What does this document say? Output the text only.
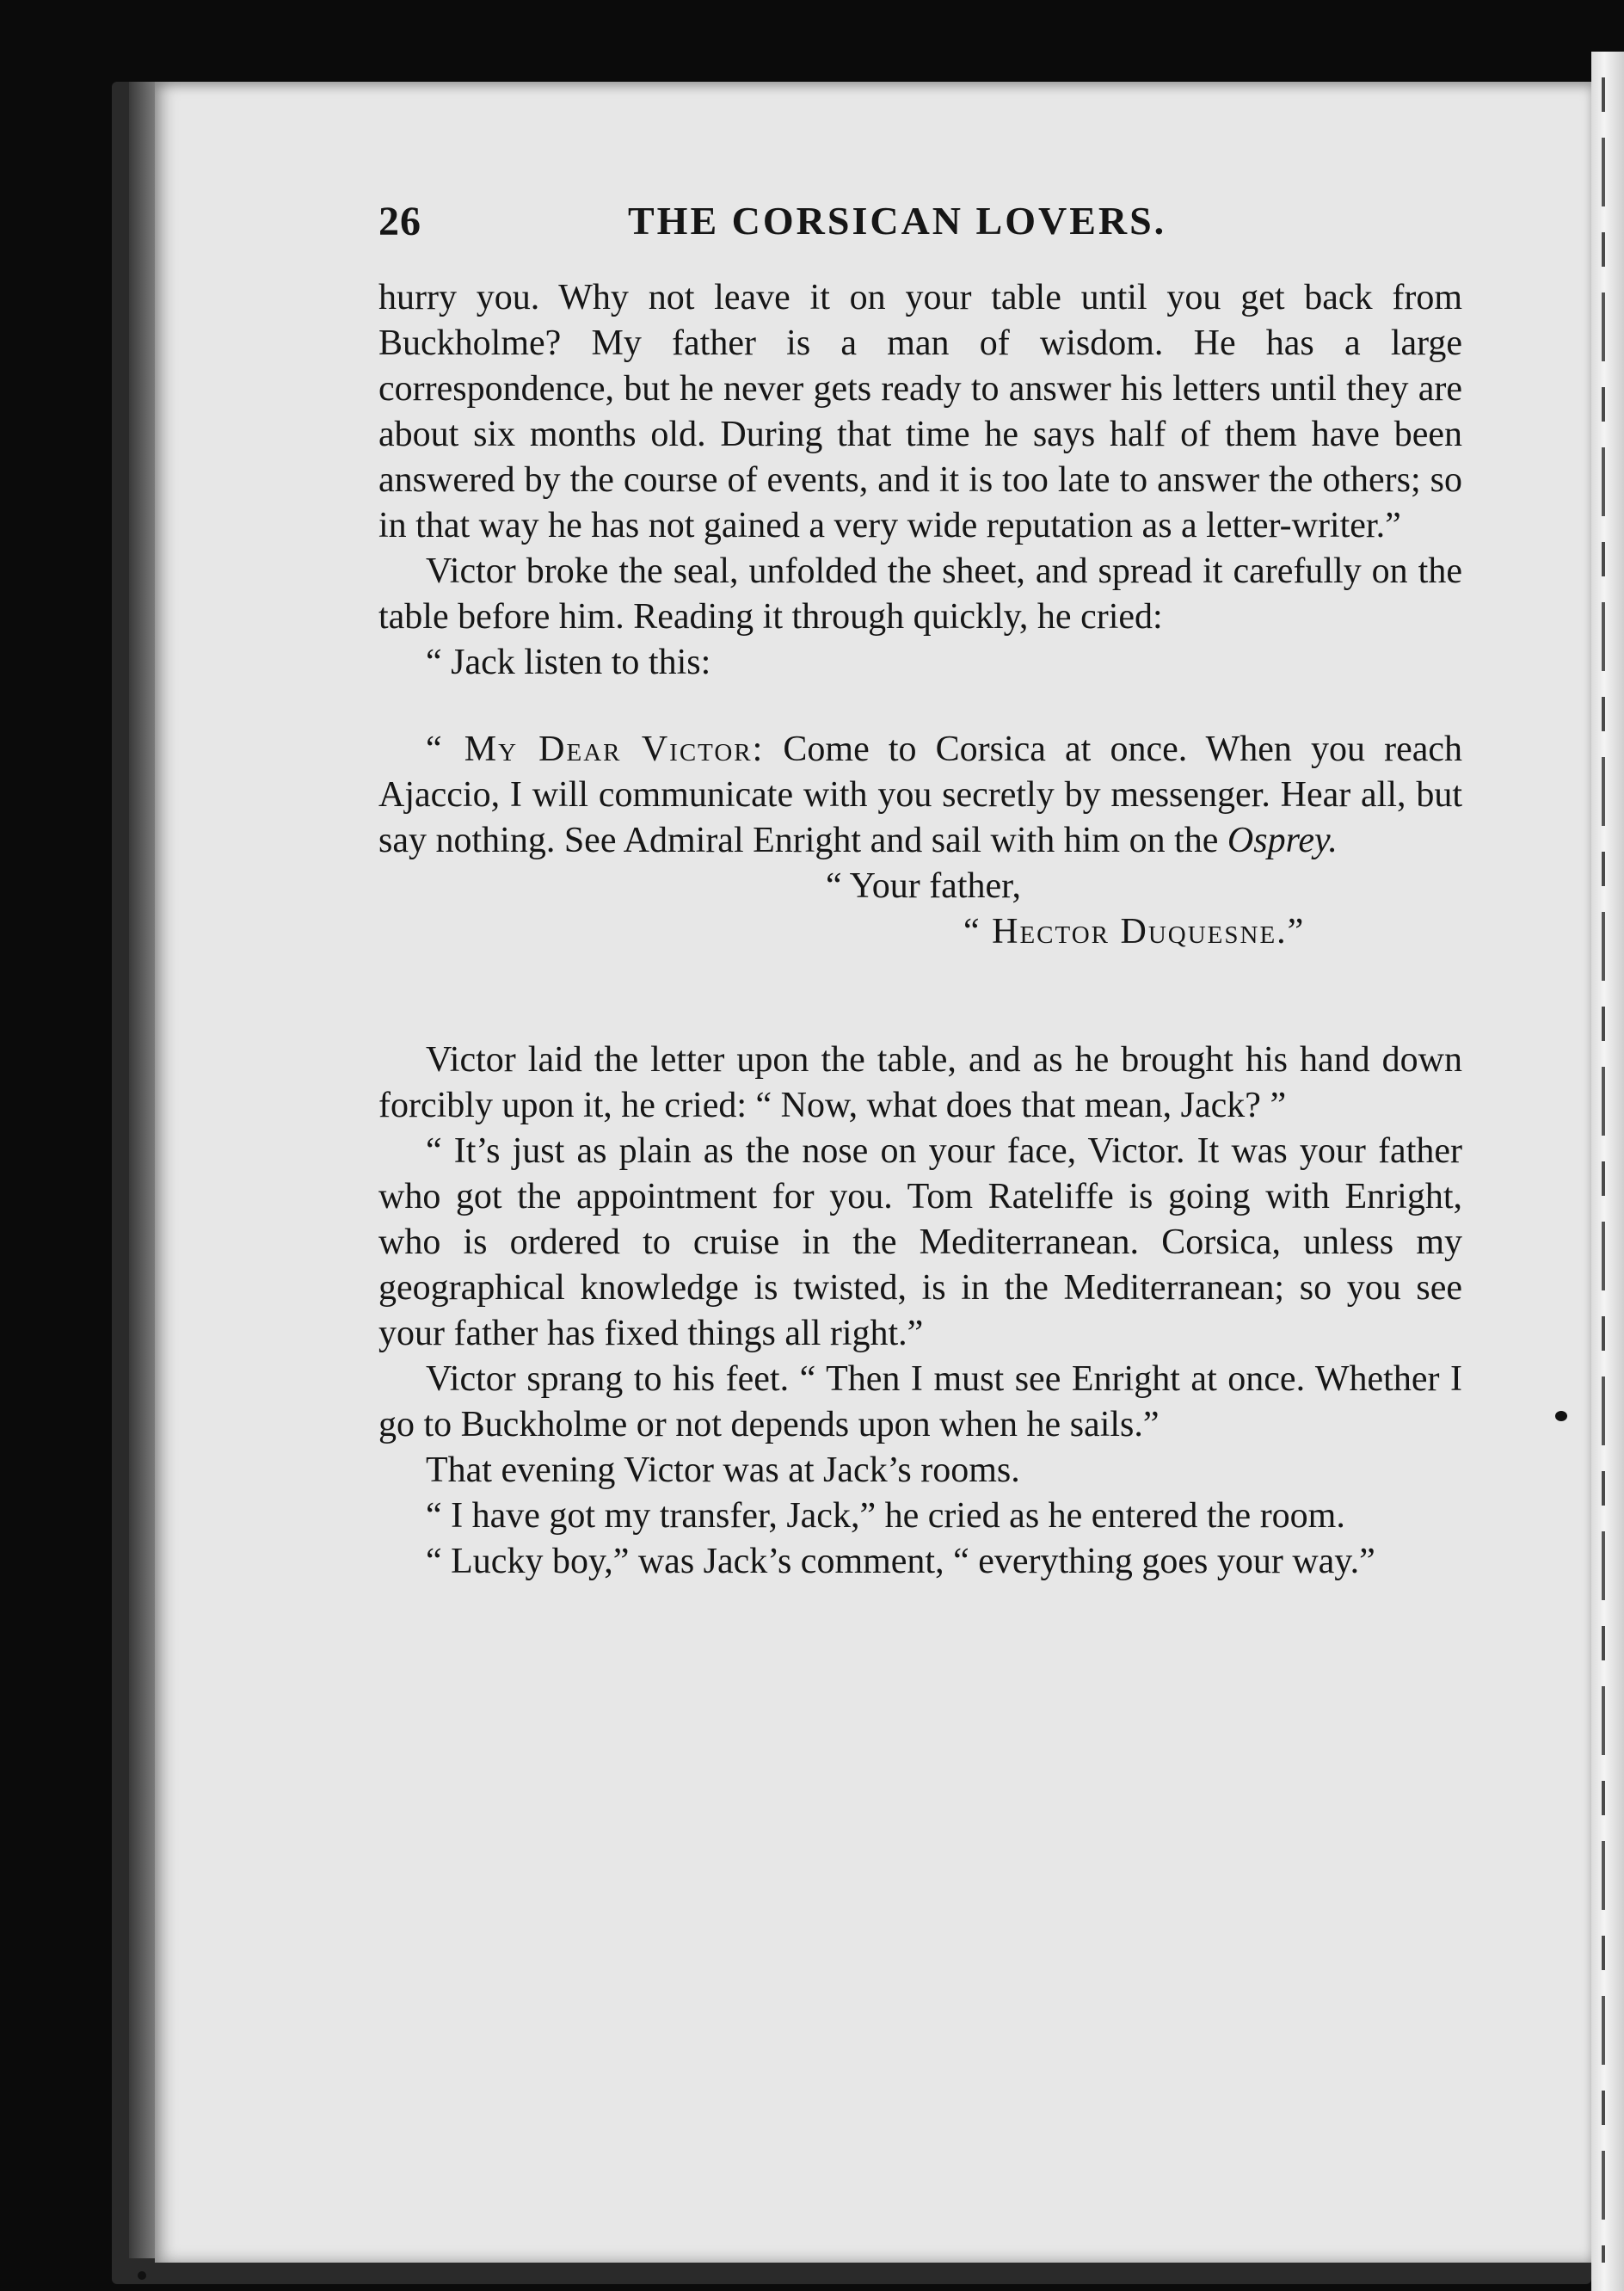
26	THE CORSICAN LOVERS.

hurry you. Why not leave it on your table until you get back from Buckholme? My father is a man of wisdom. He has a large correspondence, but he never gets ready to answer his letters until they are about six months old. During that time he says half of them have been answered by the course of events, and it is too late to answer the others; so in that way he has not gained a very wide reputation as a letter-writer.”

Victor broke the seal, unfolded the sheet, and spread it carefully on the table before him. Reading it through quickly, he cried:

“ Jack listen to this:

“ My Dear Victor: Come to Corsica at once. When you reach Ajaccio, I will communicate with you secretly by messenger. Hear all, but say nothing. See Admiral Enright and sail with him on the Osprey.

“ Your father,

“ Hector Duquesne.”

Victor laid the letter upon the table, and as he brought his hand down forcibly upon it, he cried: “ Now, what does that mean, Jack? ”

“ It’s just as plain as the nose on your face, Victor. It was your father who got the appointment for you. Tom Rateliffe is going with Enright, who is ordered to cruise in the Mediterranean. Corsica, unless my geographical knowledge is twisted, is in the Mediterranean; so you see your father has fixed things all right.”

Victor sprang to his feet. “ Then I must see Enright at once. Whether I go to Buckholme or not depends upon when he sails.”

That evening Victor was at Jack’s rooms.

“ I have got my transfer, Jack,” he cried as he entered the room.

“ Lucky boy,” was Jack’s comment, “ everything goes your way.”
